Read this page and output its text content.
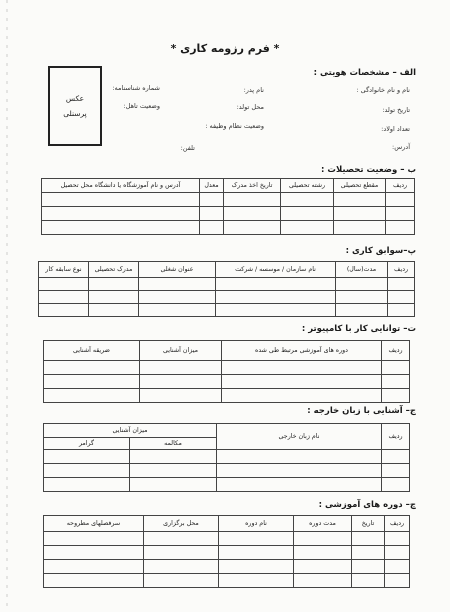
* فرم رزومه کاری *
الف – مشخصات هویتی :
نام و نام خانوادگی :
نام پدر:
شماره شناسنامه:
تاریخ تولد:
محل تولد:
وضعیت تاهل:
تعداد اولاد:
وضعیت نظام وظیفه :
آدرس:
تلفن:
عکس
پرسنلی
ب – وضعیت تحصیلات :
ردیف	مقطع تحصیلی	رشته تحصیلی	تاریخ اخذ مدرک	معدل	آدرس و نام آموزشگاه یا دانشگاه محل تحصیل

پ–سوابق کاری :
ردیف	مدت(سال)	نام سازمان / موسسه / شرکت	عنوان شغلی	مدرک تحصیلی	نوع سابقه کار

ت– توانایی کار با کامپیوتر :
ردیف	دوره های آموزشی مرتبط طی شده	میزان آشنایی	ضریقه آشنایی

ج– آشنایی با زبان خارجه :
ردیف	نام زبان خارجی	میزان آشنایی	
		مکالمه	گرامر

چ– دوره های آموزشی :
ردیف	تاریخ	مدت دوره	نام دوره	محل برگزاری	سرفصلهای مطروحه
